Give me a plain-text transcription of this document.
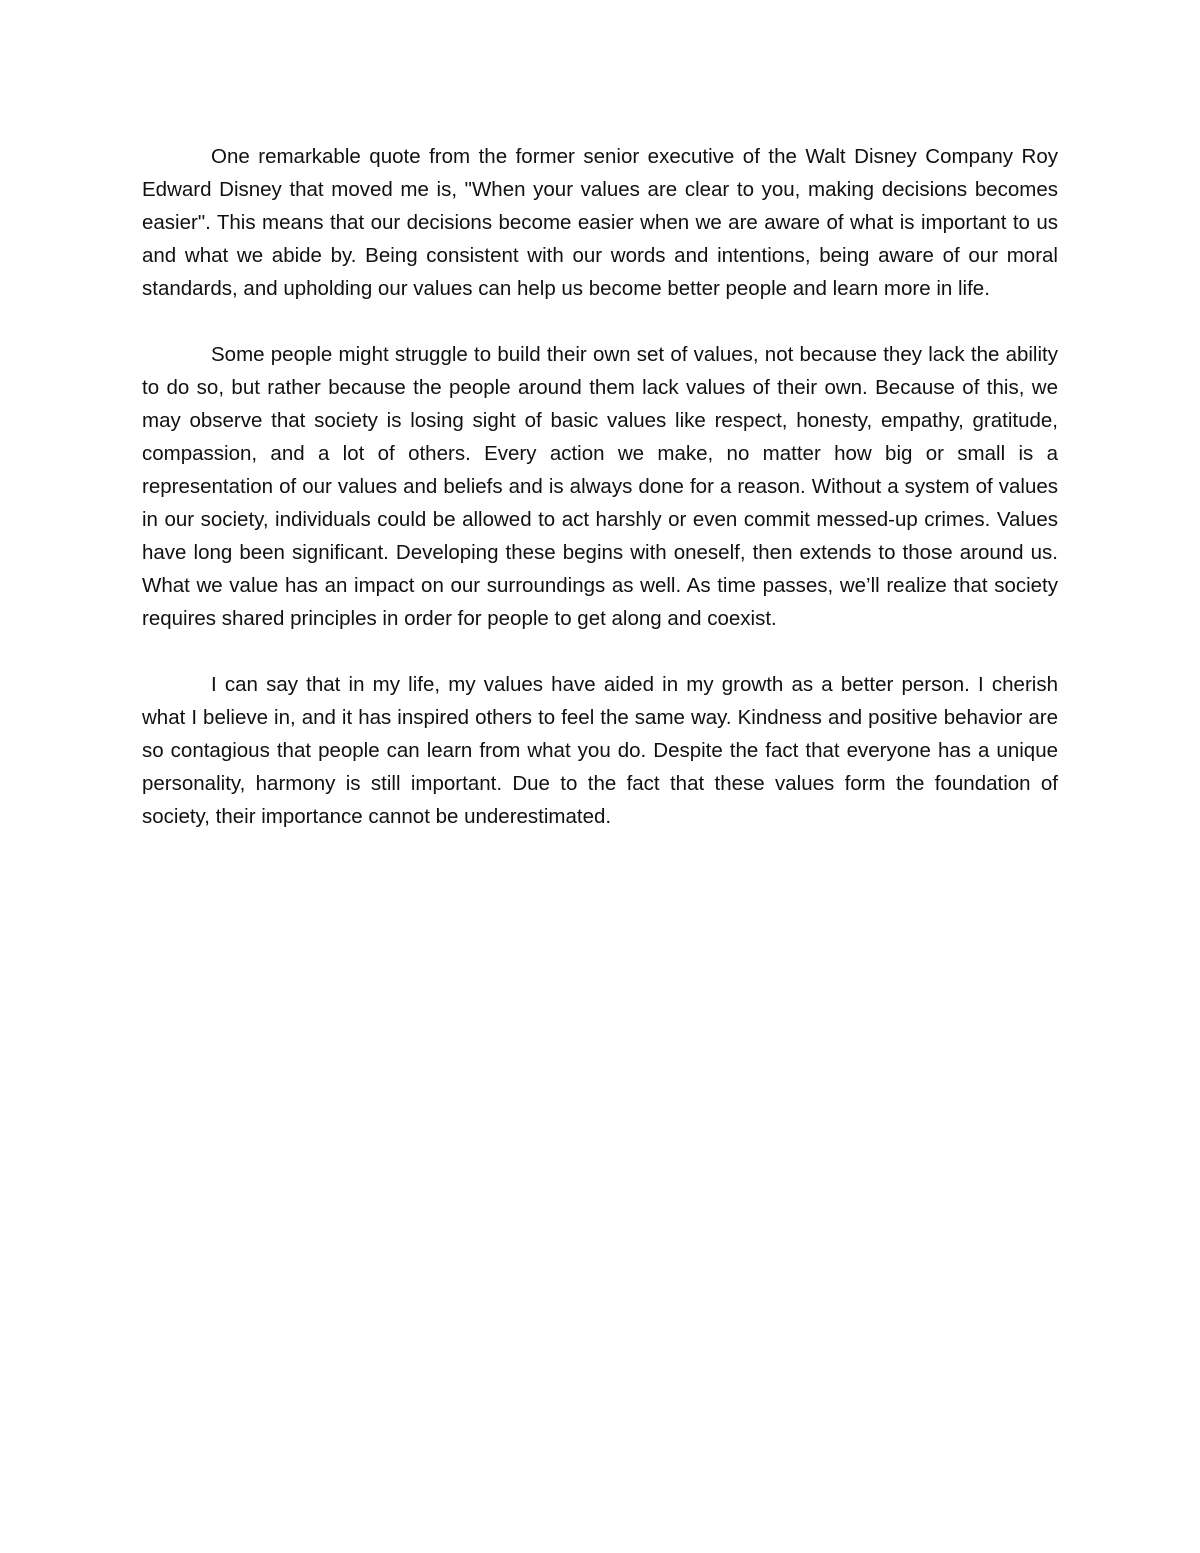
One remarkable quote from the former senior executive of the Walt Disney Company Roy Edward Disney that moved me is, "When your values are clear to you, making decisions becomes easier". This means that our decisions become easier when we are aware of what is important to us and what we abide by. Being consistent with our words and intentions, being aware of our moral standards, and upholding our values can help us become better people and learn more in life.

Some people might struggle to build their own set of values, not because they lack the ability to do so, but rather because the people around them lack values of their own. Because of this, we may observe that society is losing sight of basic values like respect, honesty, empathy, gratitude, compassion, and a lot of others. Every action we make, no matter how big or small is a representation of our values and beliefs and is always done for a reason. Without a system of values in our society, individuals could be allowed to act harshly or even commit messed-up crimes. Values have long been significant. Developing these begins with oneself, then extends to those around us. What we value has an impact on our surroundings as well. As time passes, we’ll realize that society requires shared principles in order for people to get along and coexist.

I can say that in my life, my values have aided in my growth as a better person. I cherish what I believe in, and it has inspired others to feel the same way. Kindness and positive behavior are so contagious that people can learn from what you do. Despite the fact that everyone has a unique personality, harmony is still important. Due to the fact that these values form the foundation of society, their importance cannot be underestimated.
